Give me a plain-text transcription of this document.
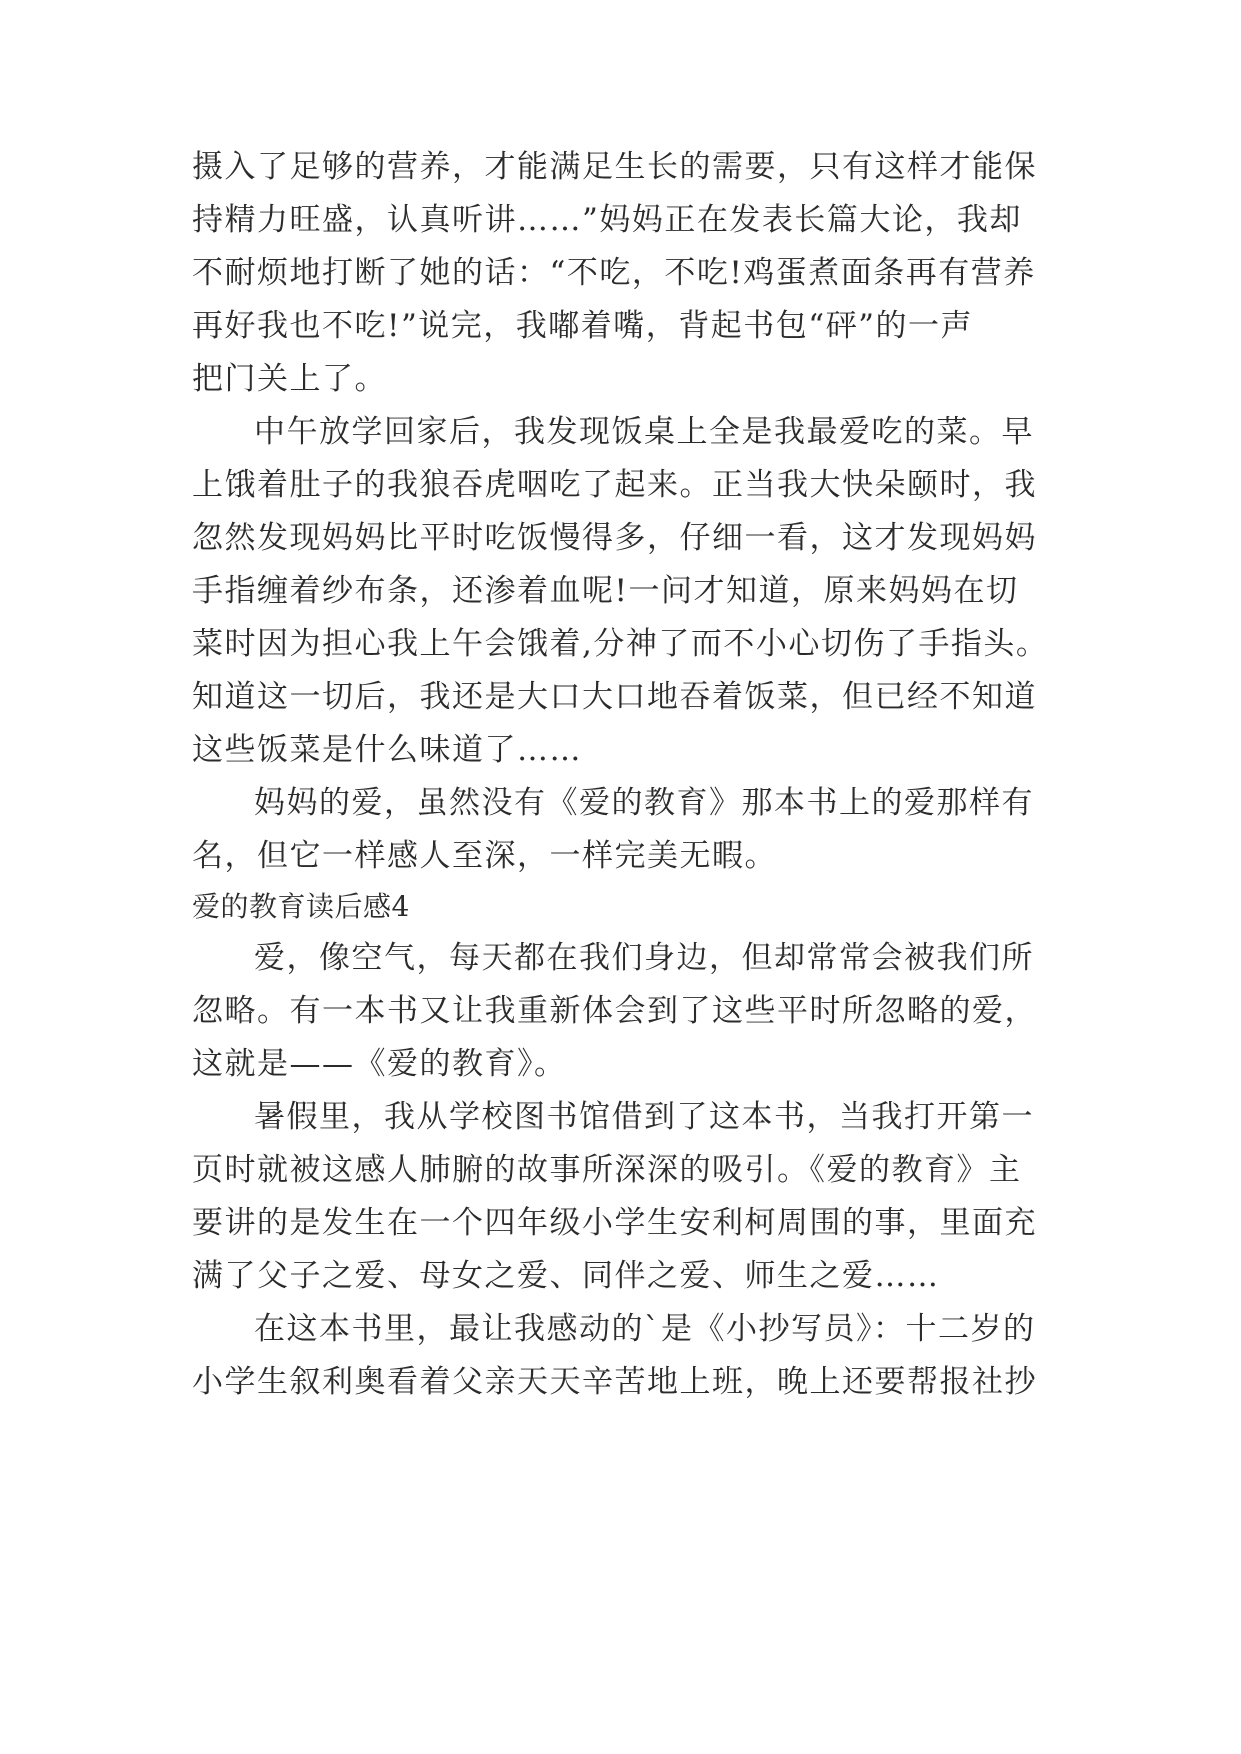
摄入了足够的营养，才能满足生长的需要，只有这样才能保
持精力旺盛，认真听讲……”妈妈正在发表长篇大论，我却
不耐烦地打断了她的话：“不吃，不吃!鸡蛋煮面条再有营养
再好我也不吃!”说完，我嘟着嘴，背起书包“砰”的一声
把门关上了。
中午放学回家后，我发现饭桌上全是我最爱吃的菜。早
上饿着肚子的我狼吞虎咽吃了起来。正当我大快朵颐时，我
忽然发现妈妈比平时吃饭慢得多，仔细一看，这才发现妈妈
手指缠着纱布条，还渗着血呢!一问才知道，原来妈妈在切
菜时因为担心我上午会饿着,分神了而不小心切伤了手指头。
知道这一切后，我还是大口大口地吞着饭菜，但已经不知道
这些饭菜是什么味道了……
妈妈的爱，虽然没有《爱的教育》那本书上的爱那样有
名，但它一样感人至深，一样完美无暇。
爱的教育读后感4
爱，像空气，每天都在我们身边，但却常常会被我们所
忽略。有一本书又让我重新体会到了这些平时所忽略的爱，
这就是——《爱的教育》。
暑假里，我从学校图书馆借到了这本书，当我打开第一
页时就被这感人肺腑的故事所深深的吸引。《爱的教育》主
要讲的是发生在一个四年级小学生安利柯周围的事，里面充
满了父子之爱、母女之爱、同伴之爱、师生之爱……
在这本书里，最让我感动的`是《小抄写员》：十二岁的
小学生叙利奥看着父亲天天辛苦地上班，晚上还要帮报社抄
